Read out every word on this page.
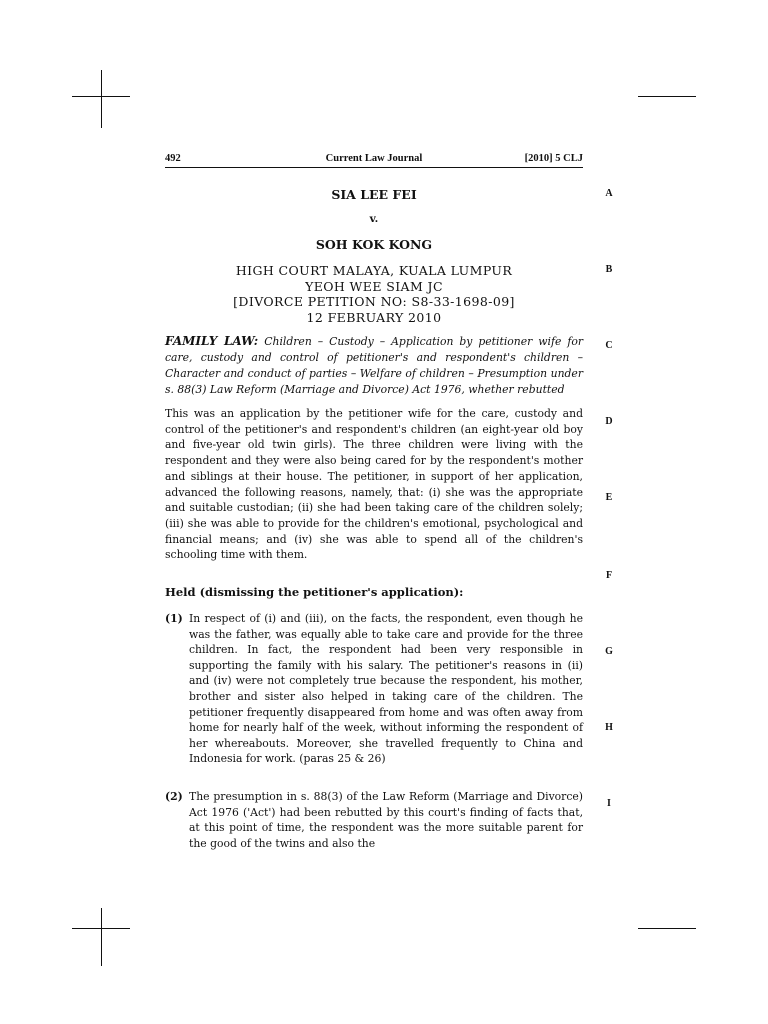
492	Current Law Journal	[2010] 5 CLJ
SIA LEE FEI
v.
SOH KOK KONG
HIGH COURT MALAYA, KUALA LUMPUR
YEOH WEE SIAM JC
[DIVORCE PETITION NO: S8-33-1698-09]
12 FEBRUARY 2010
FAMILY LAW: Children – Custody – Application by petitioner wife for care, custody and control of petitioner's and respondent's children – Character and conduct of parties – Welfare of children – Presumption under s. 88(3) Law Reform (Marriage and Divorce) Act 1976, whether rebutted
This was an application by the petitioner wife for the care, custody and control of the petitioner's and respondent's children (an eight-year old boy and five-year old twin girls). The three children were living with the respondent and they were also being cared for by the respondent's mother and siblings at their house. The petitioner, in support of her application, advanced the following reasons, namely, that: (i) she was the appropriate and suitable custodian; (ii) she had been taking care of the children solely; (iii) she was able to provide for the children's emotional, psychological and financial means; and (iv) she was able to spend all of the children's schooling time with them.
Held (dismissing the petitioner's application):
(1) In respect of (i) and (iii), on the facts, the respondent, even though he was the father, was equally able to take care and provide for the three children. In fact, the respondent had been very responsible in supporting the family with his salary. The petitioner's reasons in (ii) and (iv) were not completely true because the respondent, his mother, brother and sister also helped in taking care of the children. The petitioner frequently disappeared from home and was often away from home for nearly half of the week, without informing the respondent of her whereabouts. Moreover, she travelled frequently to China and Indonesia for work. (paras 25 & 26)
(2) The presumption in s. 88(3) of the Law Reform (Marriage and Divorce) Act 1976 ('Act') had been rebutted by this court's finding of facts that, at this point of time, the respondent was the more suitable parent for the good of the twins and also the
A
B
C
D
E
F
G
H
I
